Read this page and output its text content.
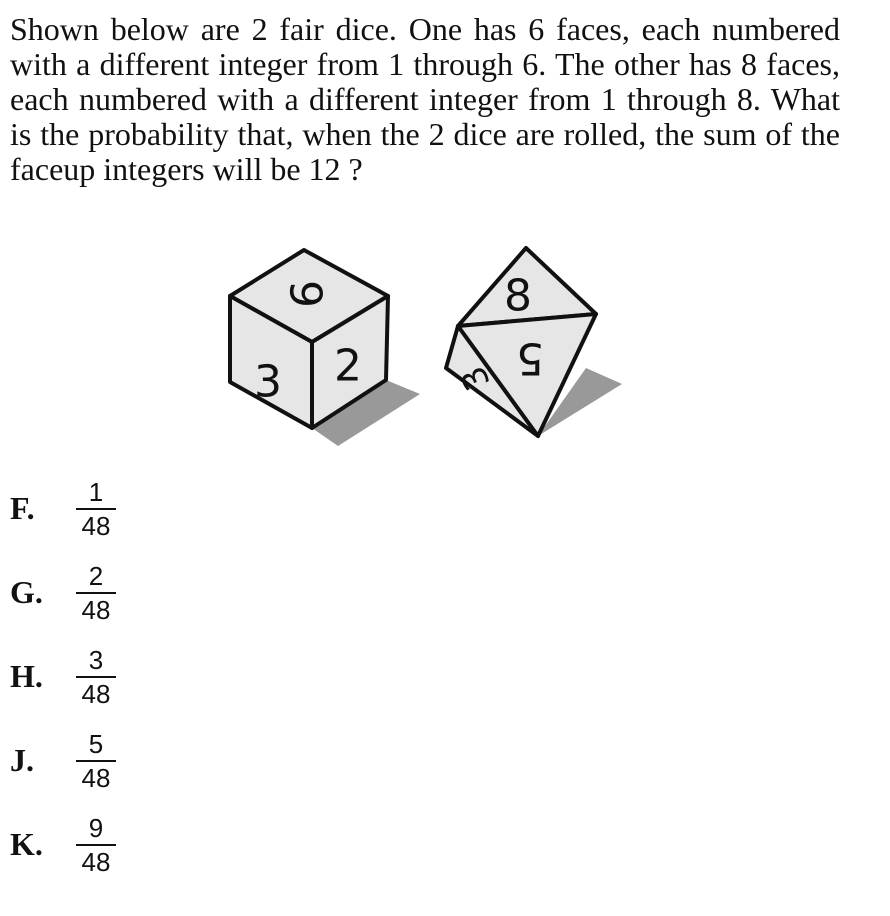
Shown below are 2 fair dice. One has 6 faces, each numbered with a different integer from 1 through 6. The other has 8 faces, each numbered with a different integer from 1 through 8. What is the probability that, when the 2 dice are rolled, the sum of the faceup integers will be 12 ?

6
3 2
8
5
3
F.	1
48
G.	2
48
H.	3
48
J.	5
48
K.	9
48
